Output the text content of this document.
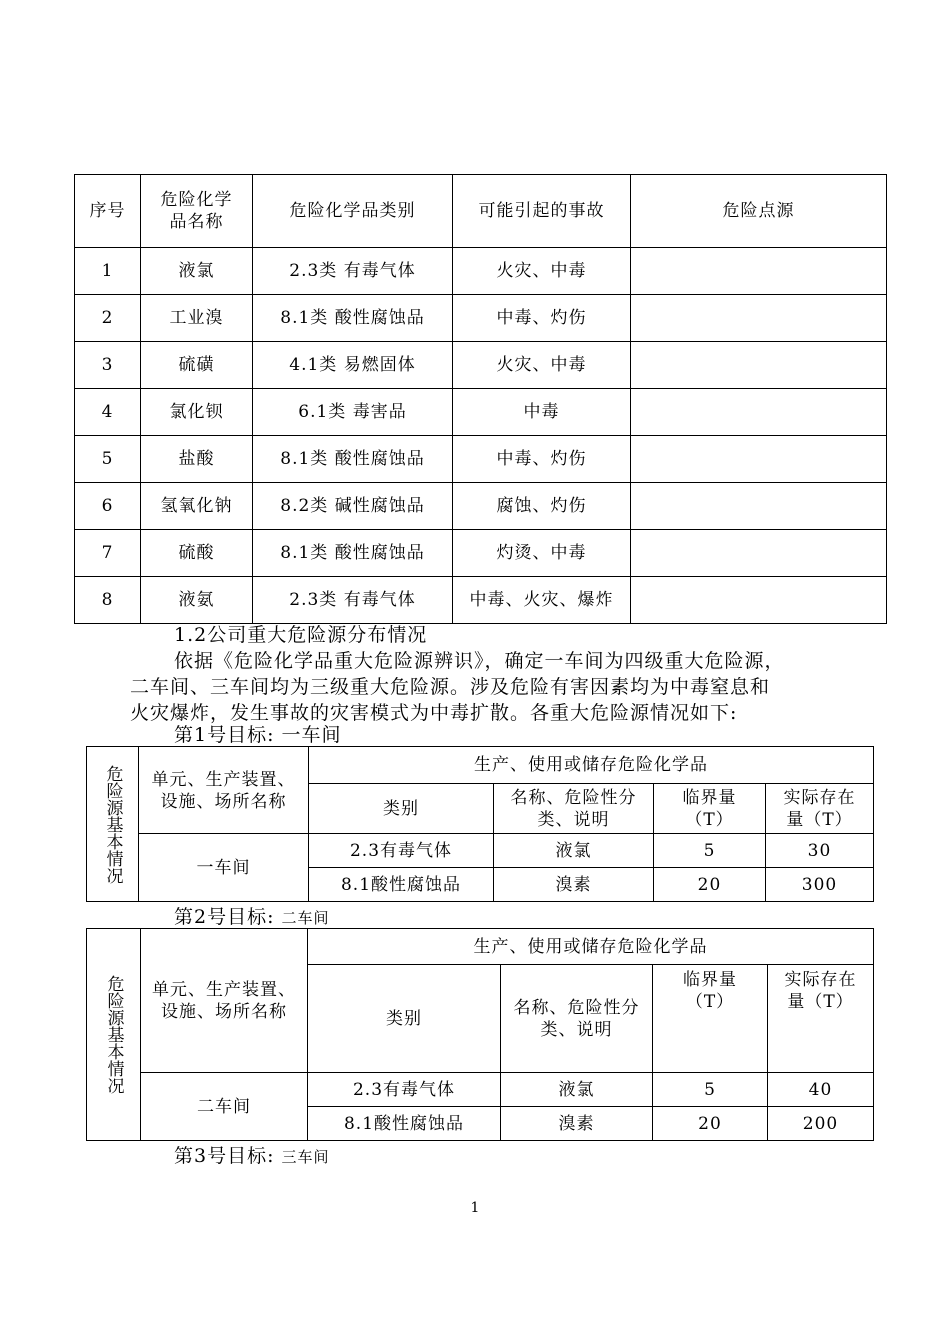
序号	危险化学品名称	危险化学品类别	可能引起的事故	危险点源
1	液氯	2.3类 有毒气体	火灾、中毒	
2	工业溴	8.1类 酸性腐蚀品	中毒、灼伤	
3	硫磺	4.1类 易燃固体	火灾、中毒	
4	氯化钡	6.1类 毒害品	中毒	
5	盐酸	8.1类 酸性腐蚀品	中毒、灼伤	
6	氢氧化钠	8.2类 碱性腐蚀品	腐蚀、灼伤	
7	硫酸	8.1类 酸性腐蚀品	灼烫、中毒	
8	液氨	2.3类 有毒气体	中毒、火灾、爆炸	
1.2公司重大危险源分布情况
依据《危险化学品重大危险源辨识》，确定一车间为四级重大危险源，
二车间、三车间均为三级重大危险源。涉及危险有害因素均为中毒窒息和
火灾爆炸，发生事故的灾害模式为中毒扩散。各重大危险源情况如下:
第1号目标: 一车间
危险源基本情况	单元、生产装置、设施、场所名称	生产、使用或储存危险化学品			
		类别	名称、危险性分类、说明	临界量（T）	实际存在量（T）

	一车间	2.3有毒气体	液氯	5	30
		8.1酸性腐蚀品	溴素	20	300
第2号目标: 二车间
危险源基本情况	单元、生产装置、设施、场所名称	生产、使用或储存危险化学品			
		类别	名称、危险性分类、说明	临界量（T）	实际存在量（T）

	二车间	2.3有毒气体	液氯	5	40
		8.1酸性腐蚀品	溴素	20	200
第3号目标: 三车间
1
